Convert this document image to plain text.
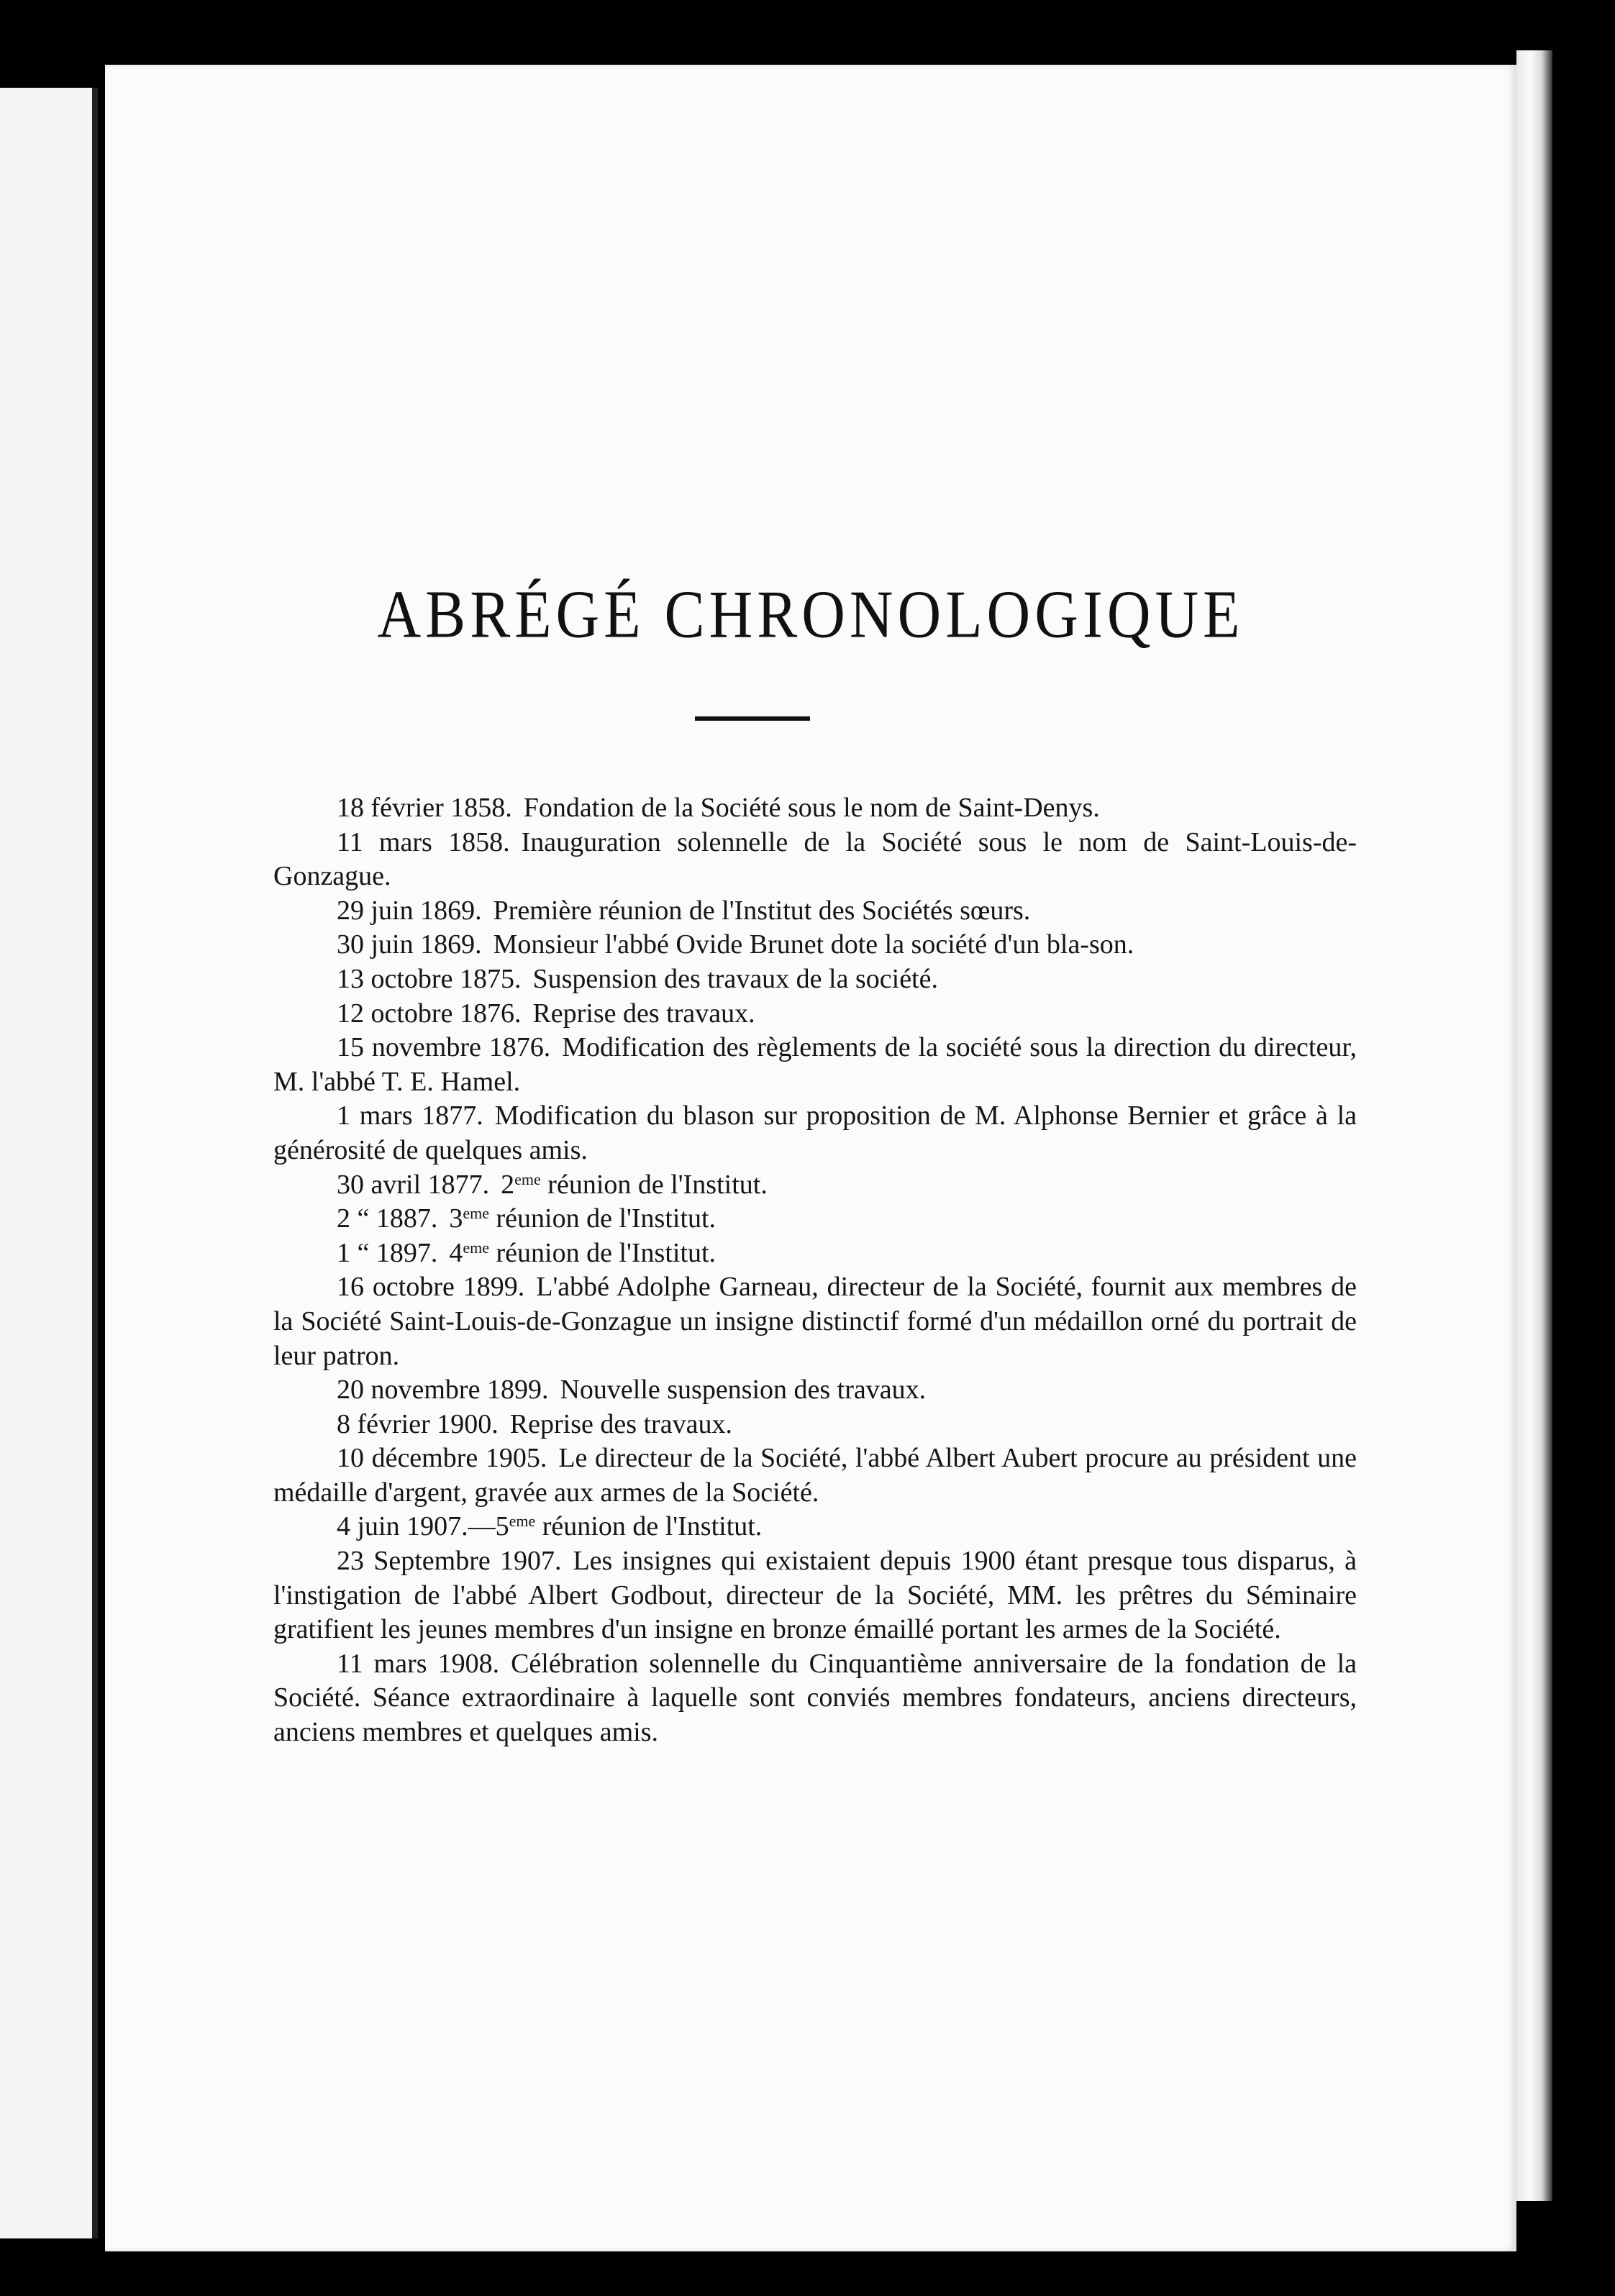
ABRÉGÉ CHRONOLOGIQUE

18 février 1858. Fondation de la Société sous le nom de Saint-Denys.

11 mars 1858. Inauguration solennelle de la Société sous le nom de Saint-Louis-de-Gonzague.

29 juin 1869. Première réunion de l'Institut des Sociétés sœurs.

30 juin 1869. Monsieur l'abbé Ovide Brunet dote la société d'un bla-son.

13 octobre 1875. Suspension des travaux de la société.

12 octobre 1876. Reprise des travaux.

15 novembre 1876. Modification des règlements de la société sous la direction du directeur, M. l'abbé T. E. Hamel.

1 mars 1877. Modification du blason sur proposition de M. Alphonse Bernier et grâce à la générosité de quelques amis.

30 avril 1877. 2eme réunion de l'Institut.

2 “ 1887. 3eme réunion de l'Institut.

1 “ 1897. 4eme réunion de l'Institut.

16 octobre 1899. L'abbé Adolphe Garneau, directeur de la Société, fournit aux membres de la Société Saint-Louis-de-Gonzague un insigne distinctif formé d'un médaillon orné du portrait de leur patron.

20 novembre 1899. Nouvelle suspension des travaux.

8 février 1900. Reprise des travaux.

10 décembre 1905. Le directeur de la Société, l'abbé Albert Aubert procure au président une médaille d'argent, gravée aux armes de la Société.

4 juin 1907.—5eme réunion de l'Institut.

23 Septembre 1907. Les insignes qui existaient depuis 1900 étant presque tous disparus, à l'instigation de l'abbé Albert Godbout, directeur de la Société, MM. les prêtres du Séminaire gratifient les jeunes membres d'un insigne en bronze émaillé portant les armes de la Société.

11 mars 1908. Célébration solennelle du Cinquantième anniversaire de la fondation de la Société. Séance extraordinaire à laquelle sont conviés membres fondateurs, anciens directeurs, anciens membres et quelques amis.
